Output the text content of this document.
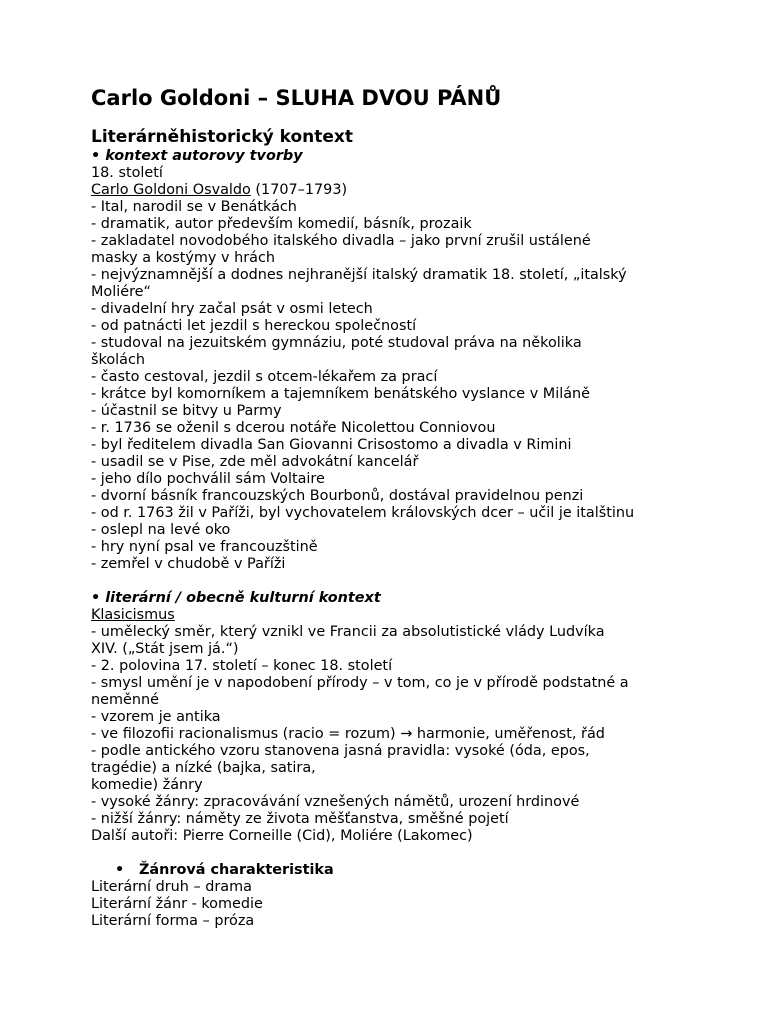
Carlo Goldoni – SLUHA DVOU PÁNŮ
Literárněhistorický kontext
• kontext autorovy tvorby
18. století
Carlo Goldoni Osvaldo (1707–1793)
- Ital, narodil se v Benátkách
- dramatik, autor především komedií, básník, prozaik
- zakladatel novodobého italského divadla – jako první zrušil ustálené
masky a kostýmy v hrách
- nejvýznamnější a dodnes nejhranější italský dramatik 18. století, „italský
Moliére“
- divadelní hry začal psát v osmi letech
- od patnácti let jezdil s hereckou společností
- studoval na jezuitském gymnáziu, poté studoval práva na několika
školách
- často cestoval, jezdil s otcem-lékařem za prací
- krátce byl komorníkem a tajemníkem benátského vyslance v Miláně
- účastnil se bitvy u Parmy
- r. 1736 se oženil s dcerou notáře Nicolettou Conniovou
- byl ředitelem divadla San Giovanni Crisostomo a divadla v Rimini
- usadil se v Pise, zde měl advokátní kancelář
- jeho dílo pochválil sám Voltaire
- dvorní básník francouzských Bourbonů, dostával pravidelnou penzi
- od r. 1763 žil v Paříži, byl vychovatelem královských dcer – učil je italštinu
- oslepl na levé oko
- hry nyní psal ve francouzštině
- zemřel v chudobě v Paříži
• literární / obecně kulturní kontext
Klasicismus
- umělecký směr, který vznikl ve Francii za absolutistické vlády Ludvíka
XIV. („Stát jsem já.“)
- 2. polovina 17. století – konec 18. století
- smysl umění je v napodobení přírody – v tom, co je v přírodě podstatné a
neměnné
- vzorem je antika
- ve filozofii racionalismus (racio = rozum) → harmonie, uměřenost, řád
- podle antického vzoru stanovena jasná pravidla: vysoké (óda, epos,
tragédie) a nízké (bajka, satira,
komedie) žánry
- vysoké žánry: zpracovávání vznešených námětů, urození hrdinové
- nižší žánry: náměty ze života měšťanstva, směšné pojetí
Další autoři: Pierre Corneille (Cid), Moliére (Lakomec)
•	Žánrová charakteristika
Literární druh – drama
Literární žánr - komedie
Literární forma – próza
